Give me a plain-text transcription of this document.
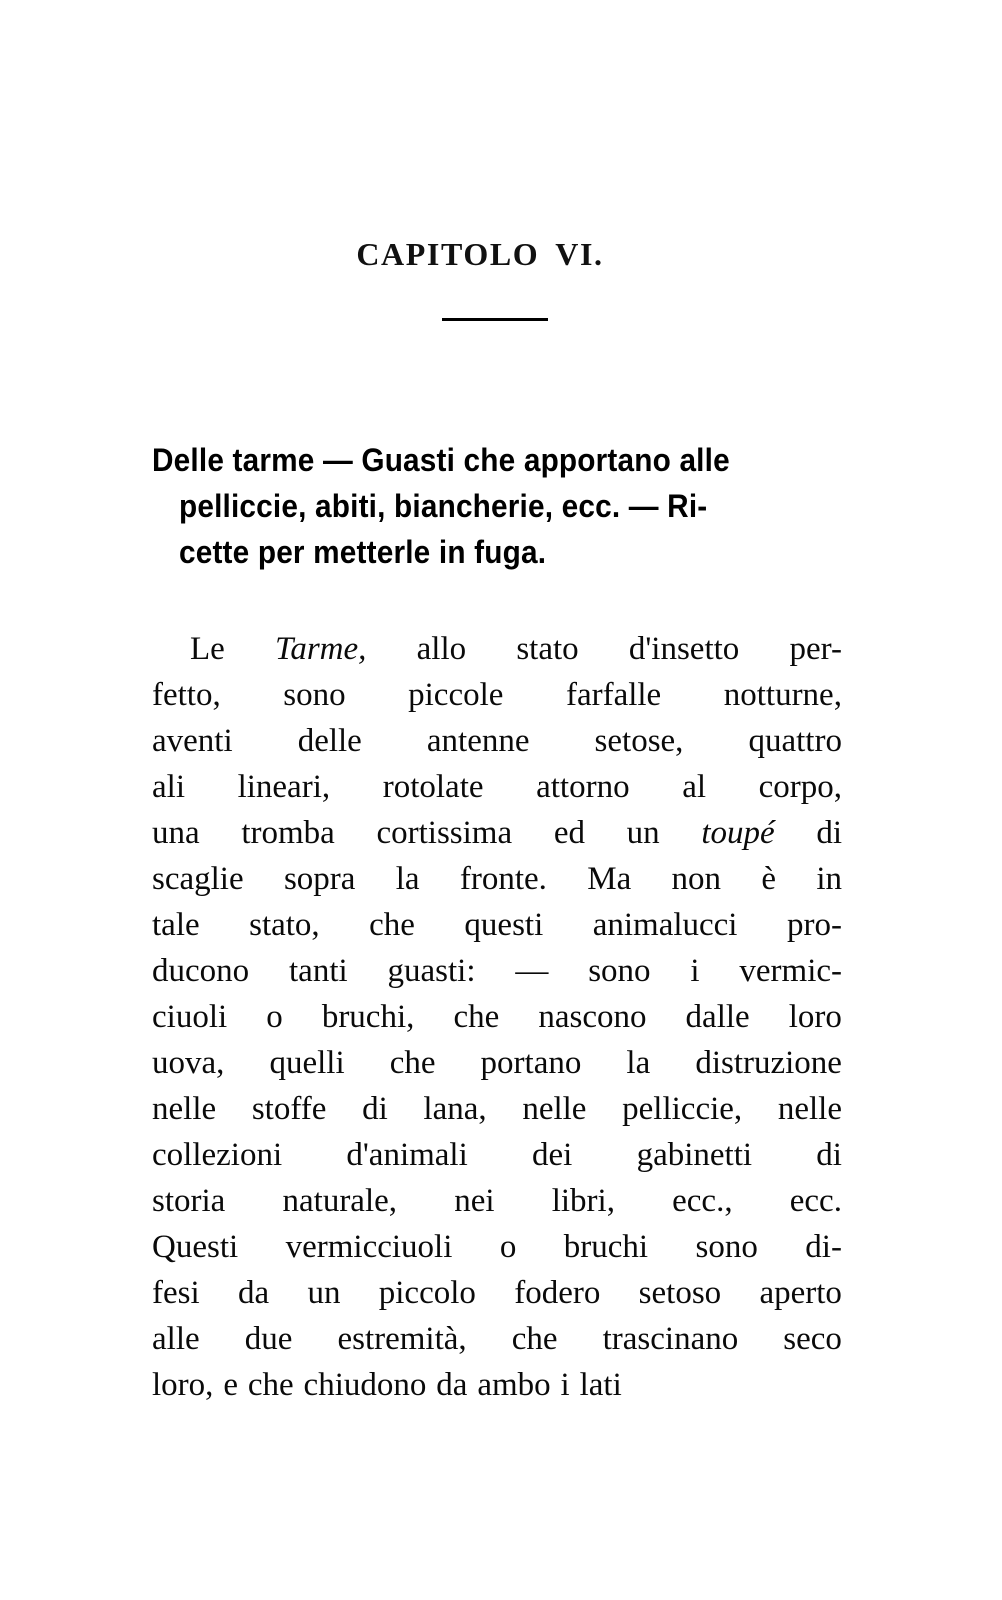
CAPITOLO VI.
Delle tarme — Guasti che apportano alle
pelliccie, abiti, biancherie, ecc. — Ri-
cette per metterle in fuga.
Le Tarme, allo stato d'insetto per-
fetto, sono piccole farfalle notturne,
aventi delle antenne setose, quattro
ali lineari, rotolate attorno al corpo,
una tromba cortissima ed un toupé di
scaglie sopra la fronte. Ma non è in
tale stato, che questi animalucci pro-
ducono tanti guasti: — sono i vermic-
ciuoli o bruchi, che nascono dalle loro
uova, quelli che portano la distruzione
nelle stoffe di lana, nelle pelliccie, nelle
collezioni d'animali dei gabinetti di
storia naturale, nei libri, ecc., ecc.
Questi vermicciuoli o bruchi sono di-
fesi da un piccolo fodero setoso aperto
alle due estremità, che trascinano seco
loro, e che chiudono da ambo i lati
